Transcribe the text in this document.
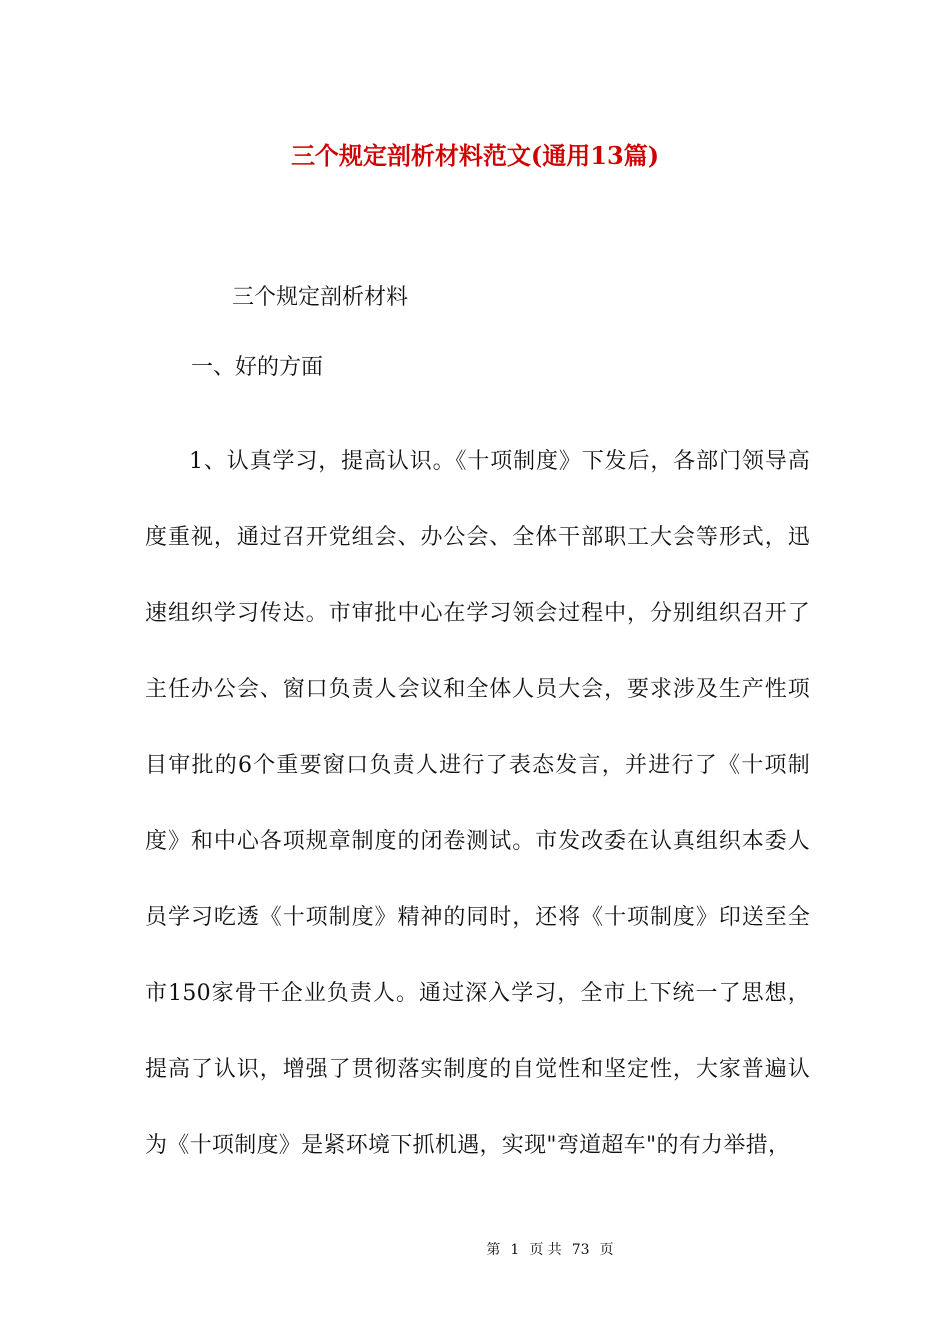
三个规定剖析材料范文(通用13篇)
三个规定剖析材料
一、好的方面

1、认真学习，提高认识。《十项制度》下发后，各部门领导高度重视，通过召开党组会、办公会、全体干部职工大会等形式，迅速组织学习传达。市审批中心在学习领会过程中，分别组织召开了主任办公会、窗口负责人会议和全体人员大会，要求涉及生产性项目审批的6个重要窗口负责人进行了表态发言，并进行了《十项制度》和中心各项规章制度的闭卷测试。市发改委在认真组织本委人员学习吃透《十项制度》精神的同时，还将《十项制度》印送至全市150家骨干企业负责人。通过深入学习，全市上下统一了思想，提高了认识，增强了贯彻落实制度的自觉性和坚定性，大家普遍认为《十项制度》是紧环境下抓机遇，实现"弯道超车"的有力举措，

第 1 页 共 73 页
